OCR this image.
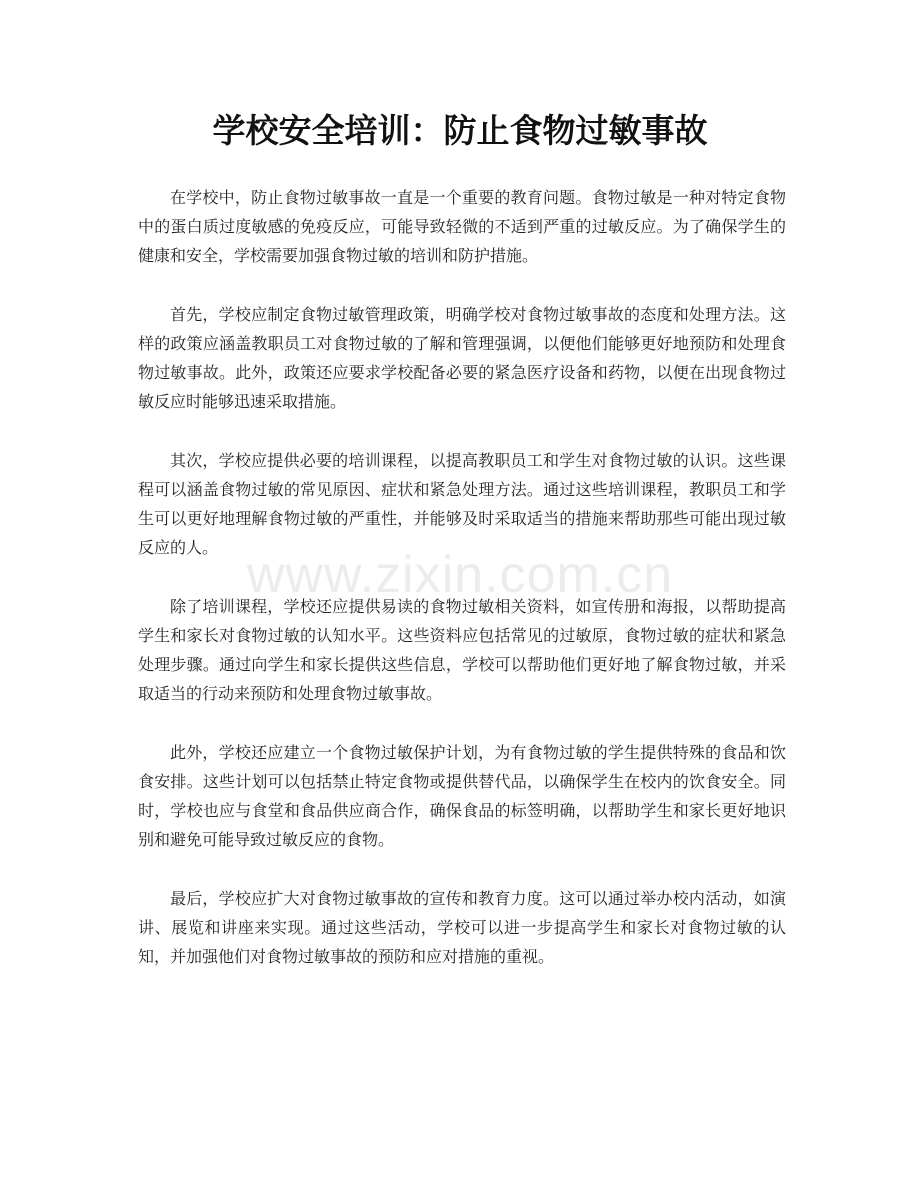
学校安全培训：防止食物过敏事故

在学校中，防止食物过敏事故一直是一个重要的教育问题。食物过敏是一种对特定食物中的蛋白质过度敏感的免疫反应，可能导致轻微的不适到严重的过敏反应。为了确保学生的健康和安全，学校需要加强食物过敏的培训和防护措施。

首先，学校应制定食物过敏管理政策，明确学校对食物过敏事故的态度和处理方法。这样的政策应涵盖教职员工对食物过敏的了解和管理强调，以便他们能够更好地预防和处理食物过敏事故。此外，政策还应要求学校配备必要的紧急医疗设备和药物，以便在出现食物过敏反应时能够迅速采取措施。

其次，学校应提供必要的培训课程，以提高教职员工和学生对食物过敏的认识。这些课程可以涵盖食物过敏的常见原因、症状和紧急处理方法。通过这些培训课程，教职员工和学生可以更好地理解食物过敏的严重性，并能够及时采取适当的措施来帮助那些可能出现过敏反应的人。

除了培训课程，学校还应提供易读的食物过敏相关资料，如宣传册和海报，以帮助提高学生和家长对食物过敏的认知水平。这些资料应包括常见的过敏原，食物过敏的症状和紧急处理步骤。通过向学生和家长提供这些信息，学校可以帮助他们更好地了解食物过敏，并采取适当的行动来预防和处理食物过敏事故。

此外，学校还应建立一个食物过敏保护计划，为有食物过敏的学生提供特殊的食品和饮食安排。这些计划可以包括禁止特定食物或提供替代品，以确保学生在校内的饮食安全。同时，学校也应与食堂和食品供应商合作，确保食品的标签明确，以帮助学生和家长更好地识别和避免可能导致过敏反应的食物。

最后，学校应扩大对食物过敏事故的宣传和教育力度。这可以通过举办校内活动，如演讲、展览和讲座来实现。通过这些活动，学校可以进一步提高学生和家长对食物过敏的认知，并加强他们对食物过敏事故的预防和应对措施的重视。

www.zixin.com.cn
